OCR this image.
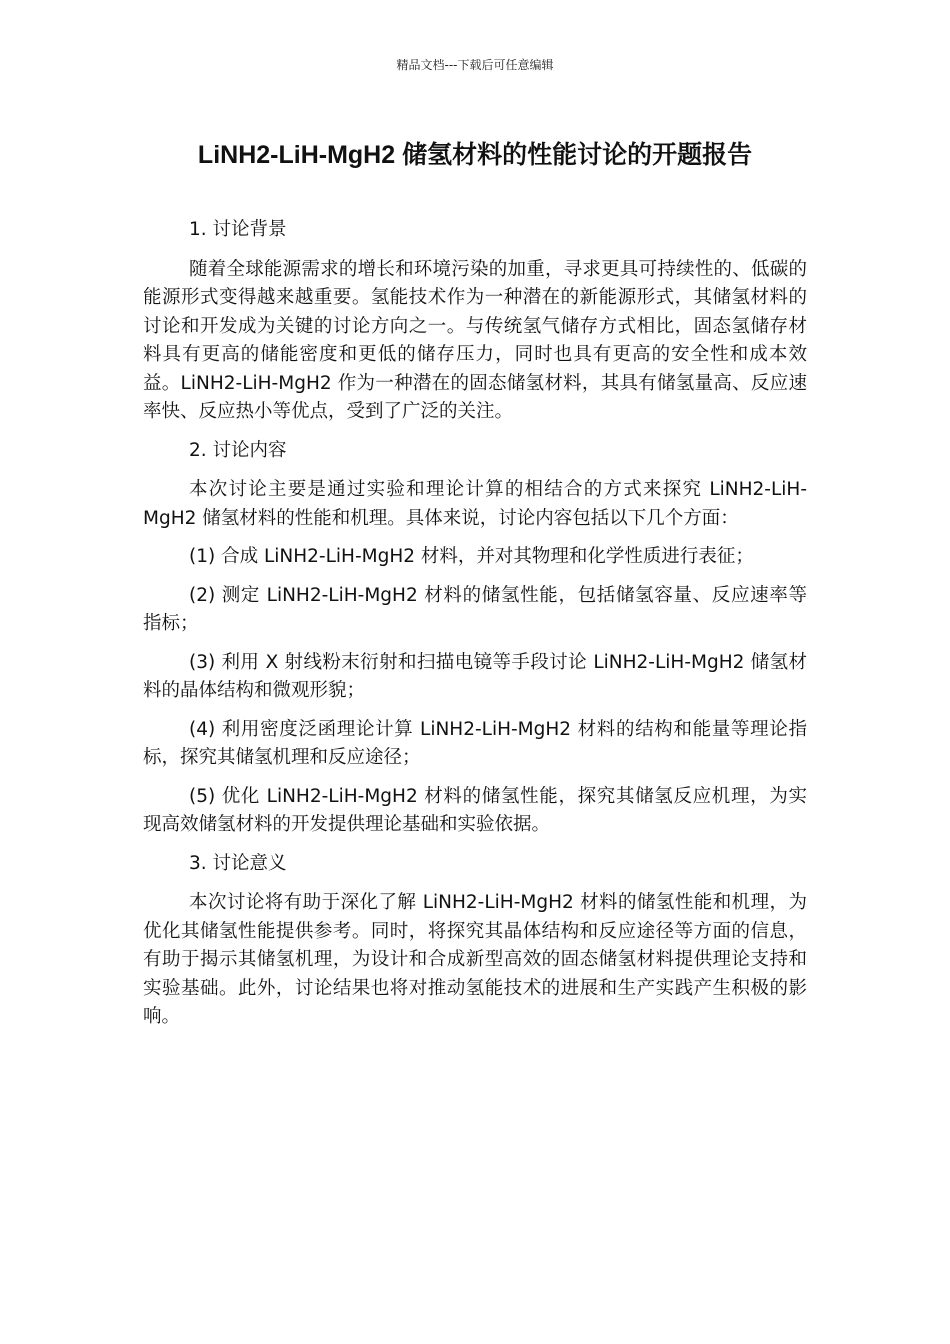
精品文档---下载后可任意编辑
LiNH2-LiH-MgH2 储氢材料的性能讨论的开题报告

1. 讨论背景

随着全球能源需求的增长和环境污染的加重，寻求更具可持续性的、低碳的能源形式变得越来越重要。氢能技术作为一种潜在的新能源形式，其储氢材料的讨论和开发成为关键的讨论方向之一。与传统氢气储存方式相比，固态氢储存材料具有更高的储能密度和更低的储存压力，同时也具有更高的安全性和成本效益。LiNH2-LiH-MgH2 作为一种潜在的固态储氢材料，其具有储氢量高、反应速率快、反应热小等优点，受到了广泛的关注。

2. 讨论内容

本次讨论主要是通过实验和理论计算的相结合的方式来探究 LiNH2-LiH-MgH2 储氢材料的性能和机理。具体来说，讨论内容包括以下几个方面：

(1) 合成 LiNH2-LiH-MgH2 材料，并对其物理和化学性质进行表征；

(2) 测定 LiNH2-LiH-MgH2 材料的储氢性能，包括储氢容量、反应速率等指标；

(3) 利用 X 射线粉末衍射和扫描电镜等手段讨论 LiNH2-LiH-MgH2 储氢材料的晶体结构和微观形貌；

(4) 利用密度泛函理论计算 LiNH2-LiH-MgH2 材料的结构和能量等理论指标，探究其储氢机理和反应途径；

(5) 优化 LiNH2-LiH-MgH2 材料的储氢性能，探究其储氢反应机理，为实现高效储氢材料的开发提供理论基础和实验依据。

3. 讨论意义

本次讨论将有助于深化了解 LiNH2-LiH-MgH2 材料的储氢性能和机理，为优化其储氢性能提供参考。同时，将探究其晶体结构和反应途径等方面的信息，有助于揭示其储氢机理，为设计和合成新型高效的固态储氢材料提供理论支持和实验基础。此外，讨论结果也将对推动氢能技术的进展和生产实践产生积极的影响。
